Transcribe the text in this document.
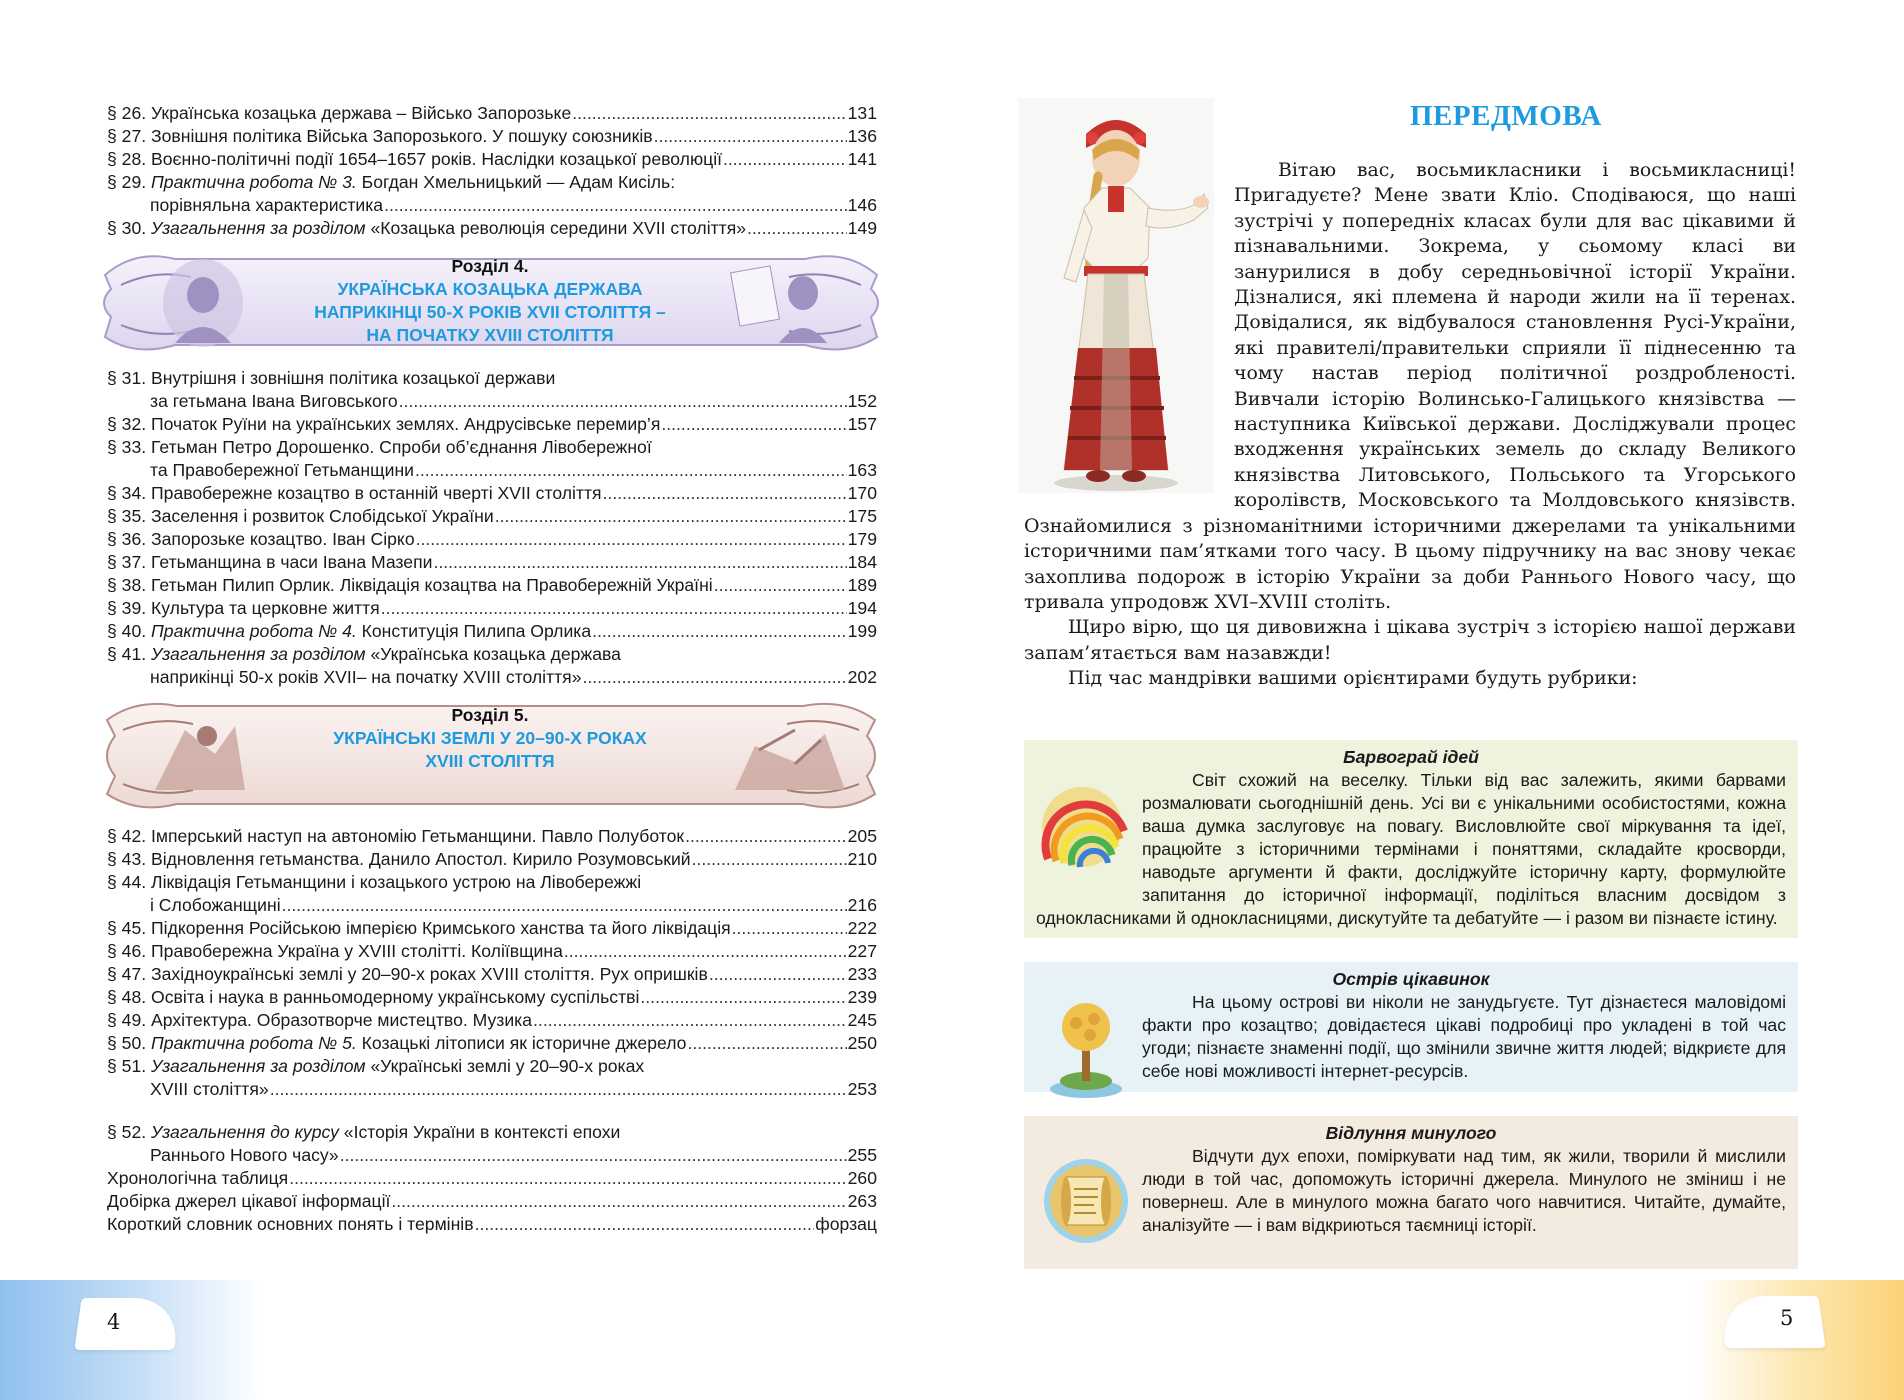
§ 26. Українська козацька держава – Військо Запорозьке .....	131
§ 27. Зовнішня політика Війська Запорозького. У пошуку союзників .....	136
§ 28. Воєнно-політичні події 1654–1657 років. Наслідки козацької революції .....	141
§ 29. Практична робота № 3. Богдан Хмельницький — Адам Кисіль:
порівняльна характеристика .....	146
§ 30. Узагальнення за розділом «Козацька революція середини XVII століття» .....	149
Розділ 4.
УКРАЇНСЬКА КОЗАЦЬКА ДЕРЖАВА
НАПРИКІНЦІ 50-Х РОКІВ XVII СТОЛІТТЯ –
НА ПОЧАТКУ XVIII СТОЛІТТЯ
§ 31. Внутрішня і зовнішня політика козацької держави
за гетьмана Івана Виговського .....	152
§ 32. Початок Руїни на українських землях. Андрусівське перемир’я .....	157
§ 33. Гетьман Петро Дорошенко. Спроби об’єднання Лівобережної
та Правобережної Гетьманщини .....	163
§ 34. Правобережне козацтво в останній чверті XVII століття .....	170
§ 35. Заселення і розвиток Слобідської України .....	175
§ 36. Запорозьке козацтво. Іван Сірко .....	179
§ 37. Гетьманщина в часи Івана Мазепи .....	184
§ 38. Гетьман Пилип Орлик. Ліквідація козацтва на Правобережній Україні .....	189
§ 39. Культура та церковне життя .....	194
§ 40. Практична робота № 4. Конституція Пилипа Орлика .....	199
§ 41. Узагальнення за розділом «Українська козацька держава
наприкінці 50-х років XVII– на початку XVIII століття» .....	202
Розділ 5.
УКРАЇНСЬКІ ЗЕМЛІ У 20–90-Х РОКАХ
XVIII СТОЛІТТЯ
§ 42. Імперський наступ на автономію Гетьманщини. Павло Полуботок .....	205
§ 43. Відновлення гетьманства. Данило Апостол. Кирило Розумовський .....	210
§ 44. Ліквідація Гетьманщини і козацького устрою на Лівобережжі
і Слобожанщині .....	216
§ 45. Підкорення Російською імперією Кримського ханства та його ліквідація .....	222
§ 46. Правобережна Україна у XVIII столітті. Коліївщина .....	227
§ 47. Західноукраїнські землі у 20–90-х роках XVIII століття. Рух опришків .....	233
§ 48. Освіта і наука в ранньомодерному українському суспільстві .....	239
§ 49. Архітектура. Образотворче мистецтво. Музика .....	245
§ 50. Практична робота № 5. Козацькі літописи як історичне джерело .....	250
§ 51. Узагальнення за розділом «Українські землі у 20–90-х роках
XVIII століття» .....	253
§ 52. Узагальнення до курсу «Історія України в контексті епохи
Раннього Нового часу» .....	255
Хронологічна таблиця .....	260
Добірка джерел цікавої інформації .....	263
Короткий словник основних понять і термінів .....	форзац
4	5
ПЕРЕДМОВА

Вітаю вас, восьмикласники і восьмикласниці! Пригадуєте? Мене звати Кліо. Сподіваюся, що наші зустрічі у попередніх класах були для вас цікавими й пізнавальними. Зокрема, у сьомому класі ви занурилися в добу середньовічної історії України. Дізналися, які племена й народи жили на її теренах. Довідалися, як відбувалося становлення Русі-України, які правителі/правительки сприяли її піднесенню та чому настав період політичної роздробленості. Вивчали історію Волинсько-Галицького князівства — наступника Київської держави. Досліджували процес входження українських земель до складу Великого князівства Литовського, Польського та Угорського королівств, Московського та Молдовського князівств. Ознайомилися з різноманітними історичними джерелами та унікальними історичними пам’ятками того часу. В цьому підручнику на вас знову чекає захоплива подорож в історію України за доби Раннього Нового часу, що тривала упродовж XVI–XVIII століть.

Щиро вірю, що ця дивовижна і цікава зустріч з історією нашої держави запам’ятається вам назавжди!

Під час мандрівки вашими орієнтирами будуть рубрики:

Барвограй ідей
Світ схожий на веселку. Тільки від вас залежить, якими барвами розмалювати сьогоднішній день. Усі ви є унікальними особистостями, кожна ваша думка заслуговує на повагу. Висловлюйте свої міркування та ідеї, працюйте з історичними термінами і поняттями, складайте кросворди, наводьте аргументи й факти, досліджуйте історичну карту, формулюйте запитання до історичної інформації, поділіться власним досвідом з однокласниками й однокласницями, дискутуйте та дебатуйте — і разом ви пізнаєте істину.
Острів цікавинок
На цьому острові ви ніколи не занудьгуєте. Тут дізнаєтеся маловідомі факти про козацтво; довідаєтеся цікаві подробиці про укладені в той час угоди; пізнаєте знаменні події, що змінили звичне життя людей; відкриєте для себе нові можливості інтернет-ресурсів.
Відлуння минулого
Відчути дух епохи, поміркувати над тим, як жили, творили й мислили люди в той час, допоможуть історичні джерела. Минулого не зміниш і не повернеш. Але в минулого можна багато чого навчитися. Читайте, думайте, аналізуйте — і вам відкриються таємниці історії.
